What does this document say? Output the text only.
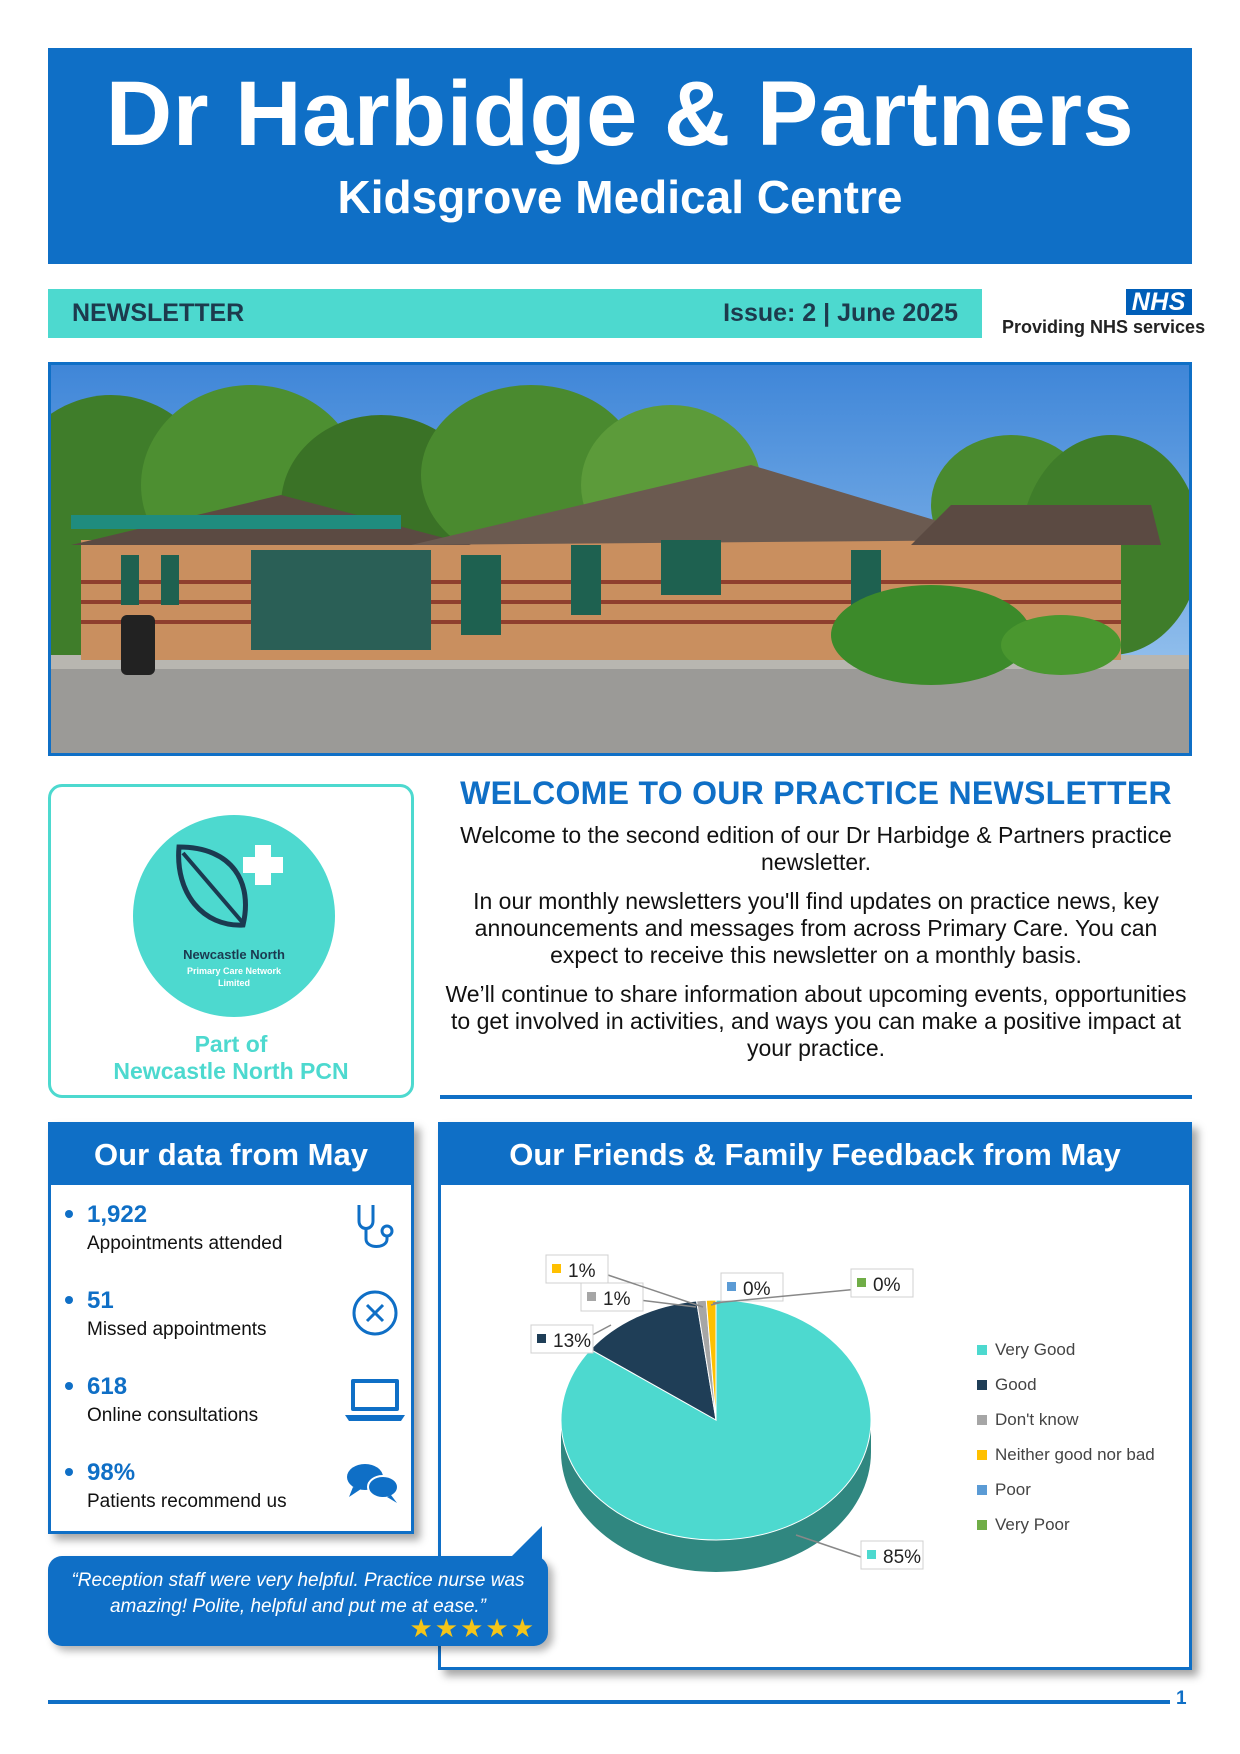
Dr Harbidge & Partners
Kidsgrove Medical Centre
NEWSLETTER	Issue: 2 | June 2025	NHS
Providing NHS services
Newcastle North
Primary Care Network
Limited
Part of
Newcastle North PCN
WELCOME TO OUR PRACTICE NEWSLETTER

Welcome to the second edition of our Dr Harbidge & Partners practice newsletter.

In our monthly newsletters you'll find updates on practice news, key announcements and messages from across Primary Care. You can expect to receive this newsletter on a monthly basis.

We’ll continue to share information about upcoming events, opportunities to get involved in activities, and ways you can make a positive impact at your practice.

Our data from May
1,922
Appointments attended
51
Missed appointments
618
Online consultations
98%
Patients recommend us
Our Friends & Family Feedback from May
85%
13%
1%
1%
0%	0%
Very Good
Good
Don't know
Neither good nor bad
Poor
Very Poor
“Reception staff were very helpful. Practice nurse was amazing! Polite, helpful and put me at ease.”
★★★★★
1
